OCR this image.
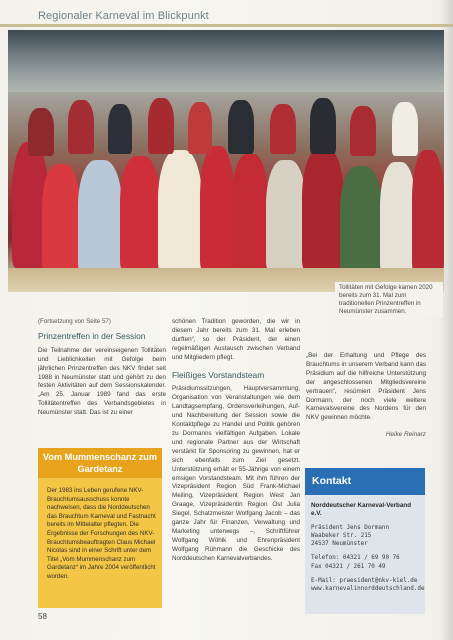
Regionaler Karneval im Blickpunkt
Tollitäten mit Gefolge kamen 2020 bereits zum 31. Mal zum traditionellen Prinzentreffen in Neumünster zusammen.
(Fortsetzung von Seite 57)
Prinzentreffen in der Session

Die Teilnahme der vereinseigenen Tollitäten und Lieblichkeiten mit Gefolge beim jährlichen Prinzentreffen des NKV findet seit 1988 in Neumünster statt und gehört zu den festen Aktivitäten auf dem Sessionskalender. „Am 25. Januar 1989 fand das erste Tollitätentreffen des Verbandsgebietes in Neumünster statt. Das ist zu einer

schönen Tradition geworden, die wir in diesem Jahr bereits zum 31. Mal erleben durften“, so der Präsident, der einen regelmäßigen Austausch zwischen Verband und Mitgliedern pflegt.

Fleißiges Vorstandsteam

Präsidiumssitzungen, Hauptversammlung, Organisation von Veranstaltungen wie dem Landtagsempfang, Ordensverleihungen, Auf- und Nachbereitung der Session sowie die Kontaktpflege zu Handel und Politik gehören zu Dormanns vielfältigen Aufgaben. Lokale und regionale Partner aus der Wirtschaft verstärkt für Sponsoring zu gewinnen, hat er sich ebenfalls zum Ziel gesetzt. Unterstützung erhält er 55-Jährige von einem emsigen Vorstandsteam. Mit ihm führen der Vizepräsident Region Süd Frank-Michael Meiling, Vizepräsident Region West Jan Graage, Vizepräsidentin Region Ost Julia Siegel, Schatzmeister Wolfgang Jacob – das ganze Jahr für Finanzen, Verwaltung und Marketing unterwegs –, Schriftführer Wolfgang Wöhlk und Ehrenpräsident Wolfgang Rühmann die Geschicke des Norddeutschen Karnevalverbandes.

„Bei der Erhaltung und Pflege des Brauchtums in unserem Verband kann das Präsidium auf die hilfreiche Unterstützung der angeschlossenen Mitgliedsvereine vertrauen“, resümiert Präsident Jens Dormann, der noch viele weitere Karnevalsvereine des Nordens für den NKV gewinnen möchte.

Heike Reinarz
Vom Mummenschanz zum Gardetanz
Der 1983 ins Leben gerufene NKV-Brauchtumsausschuss konnte nachweisen, dass die Norddeutschen das Brauchtum Karneval und Fastnacht bereits im Mittelalter pflegten. Die Ergebnisse der Forschungen des NKV-Brauchtumsbeauftragten Claus Michael Nicolas sind in einer Schrift unter dem Titel „Vom Mummenschanz zum Gardetanz“ im Jahre 2004 veröffentlicht worden.
Kontakt
Norddeutscher Karneval-Verband e.V.
Präsident Jens Dormann
Waabeker Str. 215
24537 Neumünster
Telefon: 04321 / 69 90 76
Fax 04321 / 261 70 49
E-Mail: praesident@nkv-kiel.de
www.karnevalinnorddeutschland.de
58
